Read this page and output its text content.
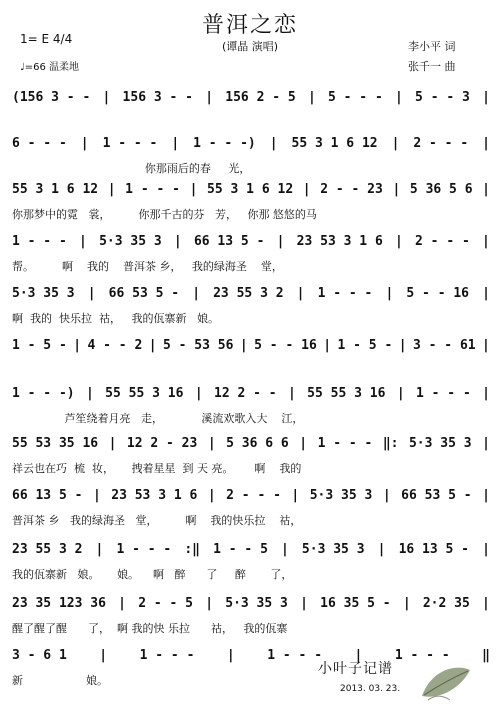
普洱之恋
(谭晶 演唱)
1= E 4/4
♩=66 温柔地
李小平 词
张千一 曲
(156 3 - - | 156 3 - - | 156 2 - 5 | 5 - - - | 5 - - 3 |
6 - - - | 1 - - - | 1 - - -) | 55 3 1 6 12 | 2 - - - |
你那雨后的春     光，
55 3 1 6 12 | 1 - - - | 55 3 1 6 12 | 2 - - 23 | 5 36 5 6 |
你那梦中的霓   裳，        你那千古的芬   芳，   你那 悠悠的马
1 - - - | 5·3 35 3 | 66 13 5 - | 23 53 3 1 6 | 2 - - - |
帮。        啊    我的    普洱茶 乡，   我的绿海圣    堂，
5·3 35 3 | 66 53 5 - | 23 55 3 2 | 1 - - - | 5 - - 16 |
啊  我的  快乐拉  祜，   我的佤寨新   娘。
1 - 5 - | 4 - - 2 | 5 - 53 56 | 5 - - 16 | 1 - 5 - | 3 - - 61 |
1 - - -) | 55 55 3 16 | 12 2 - - | 55 55 3 16 | 1 - - - |
芦笙绕着月亮   走，           溪流欢歌入大    江，
55 53 35 16 | 12 2 - 23 | 5 36 6 6 | 1 - - - ‖: 5·3 35 3 |
祥云也在巧  梳  妆，     拽着星星  到 天 亮。      啊    我的
66 13 5 - | 23 53 3 1 6 | 2 - - - | 5·3 35 3 | 66 53 5 - |
普洱茶 乡   我的绿海圣   堂，        啊    我的快乐拉    祜，
23 55 3 2 | 1 - - - :‖ 1 - - 5 | 5·3 35 3 | 16 13 5 - |
我的佤寨新   娘。     娘。    啊   醉      了     醉       了，
23 35 123 36 | 2 - - 5 | 5·3 35 3 | 16 35 5 - | 2·2 35 |
醒了醒了醒      了，  啊 我的快 乐拉      祜，   我的佤寨
3 - 6 1	|	1 - - -	|	1 - - -	|	1 - - -	‖
新                  娘。
小叶子记谱
2013. 03. 23.
